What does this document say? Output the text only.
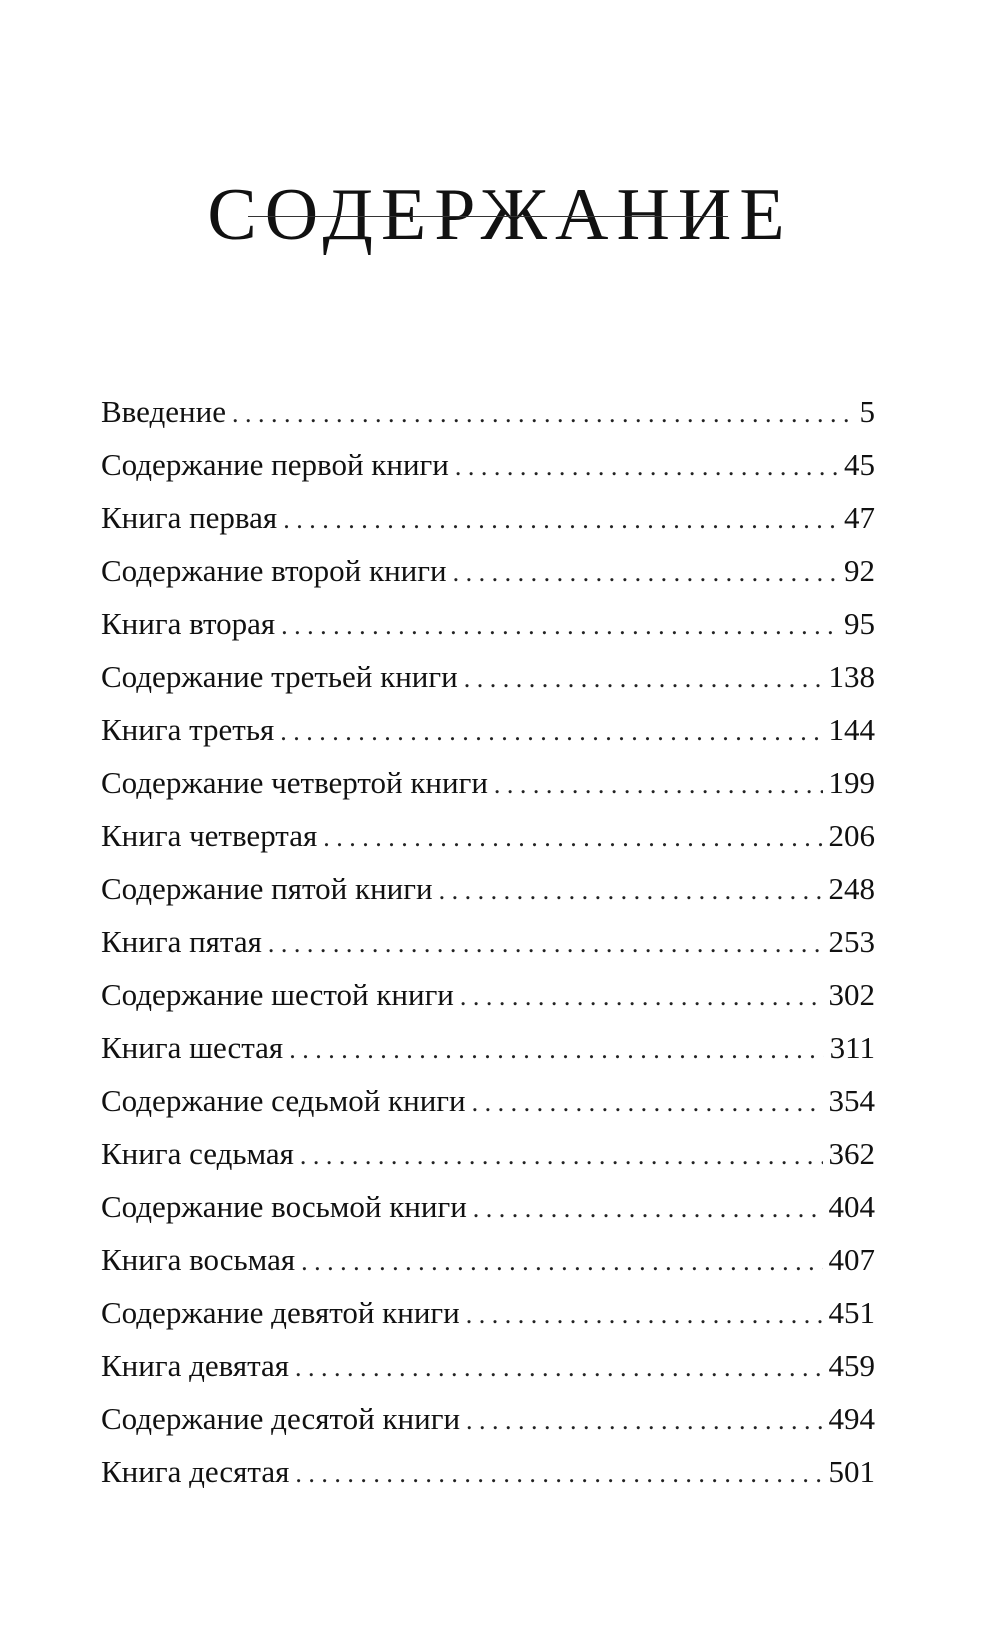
СОДЕРЖАНИЕ
Введение . . .	5
Содержание первой книги . . .	45
Книга первая . . .	47
Содержание второй книги . . .	92
Книга вторая . . .	95
Содержание третьей книги . . .	138
Книга третья . . .	144
Содержание четвертой книги . . .	199
Книга четвертая . . .	206
Содержание пятой книги . . .	248
Книга пятая . . .	253
Содержание шестой книги . . .	302
Книга шестая . . .	311
Содержание седьмой книги . . .	354
Книга седьмая . . .	362
Содержание восьмой книги . . .	404
Книга восьмая . . .	407
Содержание девятой книги . . .	451
Книга девятая . . .	459
Содержание десятой книги . . .	494
Книга десятая . . .	501
